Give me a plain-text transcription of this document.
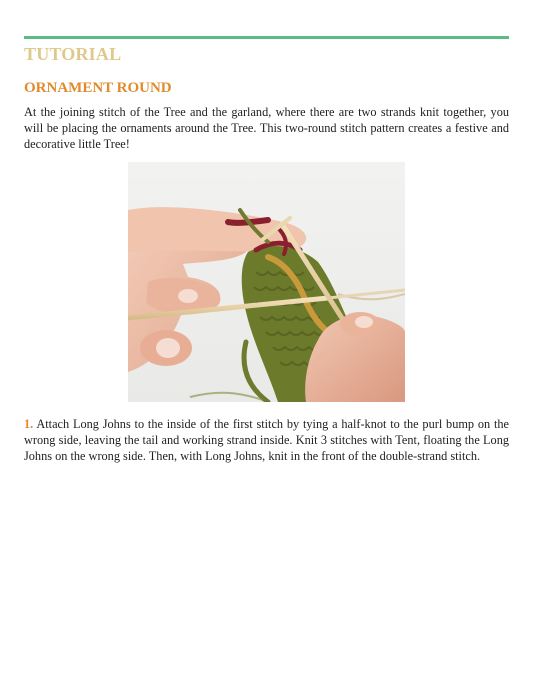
TUTORIAL
ORNAMENT ROUND

At the joining stitch of the Tree and the garland, where there are two strands knit together, you will be placing the ornaments around the Tree. This two-round stitch pattern creates a festive and decorative little Tree!

1. Attach Long Johns to the inside of the first stitch by tying a half-knot to the purl bump on the wrong side, leaving the tail and working strand inside. Knit 3 stitches with Tent, floating the Long Johns on the wrong side. Then, with Long Johns, knit in the front of the double-strand stitch.
